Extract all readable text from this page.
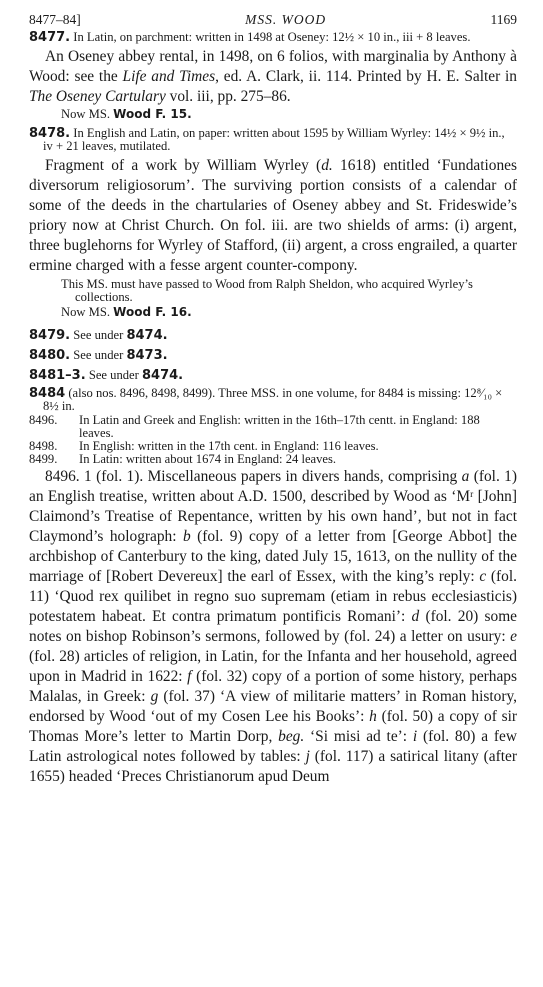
8477–84]	MSS. WOOD	1169
8477. In Latin, on parchment: written in 1498 at Oseney: 12½ × 10 in., iii + 8 leaves.

An Oseney abbey rental, in 1498, on 6 folios, with marginalia by Anthony à Wood: see the Life and Times, ed. A. Clark, ii. 114. Printed by H. E. Salter in The Oseney Cartulary vol. iii, pp. 275–86.

Now MS. Wood F. 15.
8478. In English and Latin, on paper: written about 1595 by William Wyrley: 14½ × 9½ in., iv + 21 leaves, mutilated.

Fragment of a work by William Wyrley (d. 1618) entitled ‘Fundationes diversorum religiosorum’. The surviving portion consists of a calendar of some of the deeds in the chartularies of Oseney abbey and St. Frideswide’s priory now at Christ Church. On fol. iii. are two shields of arms: (i) argent, three buglehorns for Wyrley of Stafford, (ii) argent, a cross engrailed, a quarter ermine charged with a fesse argent counter-compony.

This MS. must have passed to Wood from Ralph Sheldon, who acquired Wyrley’s collections.
Now MS. Wood F. 16.
8479. See under 8474.
8480. See under 8473.
8481–3. See under 8474.
8484 (also nos. 8496, 8498, 8499). Three MSS. in one volume, for 8484 is missing: 12⁸⁄₁₀ × 8½ in.
8496. In Latin and Greek and English: written in the 16th–17th centt. in England: 188 leaves.
8498. In English: written in the 17th cent. in England: 116 leaves.
8499. In Latin: written about 1674 in England: 24 leaves.

8496. 1 (fol. 1). Miscellaneous papers in divers hands, comprising a (fol. 1) an English treatise, written about A.D. 1500, described by Wood as ‘Mʳ [John] Claimond’s Treatise of Repentance, written by his own hand’, but not in fact Claymond’s holograph: b (fol. 9) copy of a letter from [George Abbot] the archbishop of Canterbury to the king, dated July 15, 1613, on the nullity of the marriage of [Robert Devereux] the earl of Essex, with the king’s reply: c (fol. 11) ‘Quod rex quilibet in regno suo supremam (etiam in rebus ecclesiasticis) potestatem habeat. Et contra primatum pontificis Romani’: d (fol. 20) some notes on bishop Robinson’s sermons, followed by (fol. 24) a letter on usury: e (fol. 28) articles of religion, in Latin, for the Infanta and her household, agreed upon in Madrid in 1622: f (fol. 32) copy of a portion of some history, perhaps Malalas, in Greek: g (fol. 37) ‘A view of militarie matters’ in Roman history, endorsed by Wood ‘out of my Cosen Lee his Books’: h (fol. 50) a copy of sir Thomas More’s letter to Martin Dorp, beg. ‘Si misi ad te’: i (fol. 80) a few Latin astrological notes followed by tables: j (fol. 117) a satirical litany (after 1655) headed ‘Preces Christianorum apud Deum
